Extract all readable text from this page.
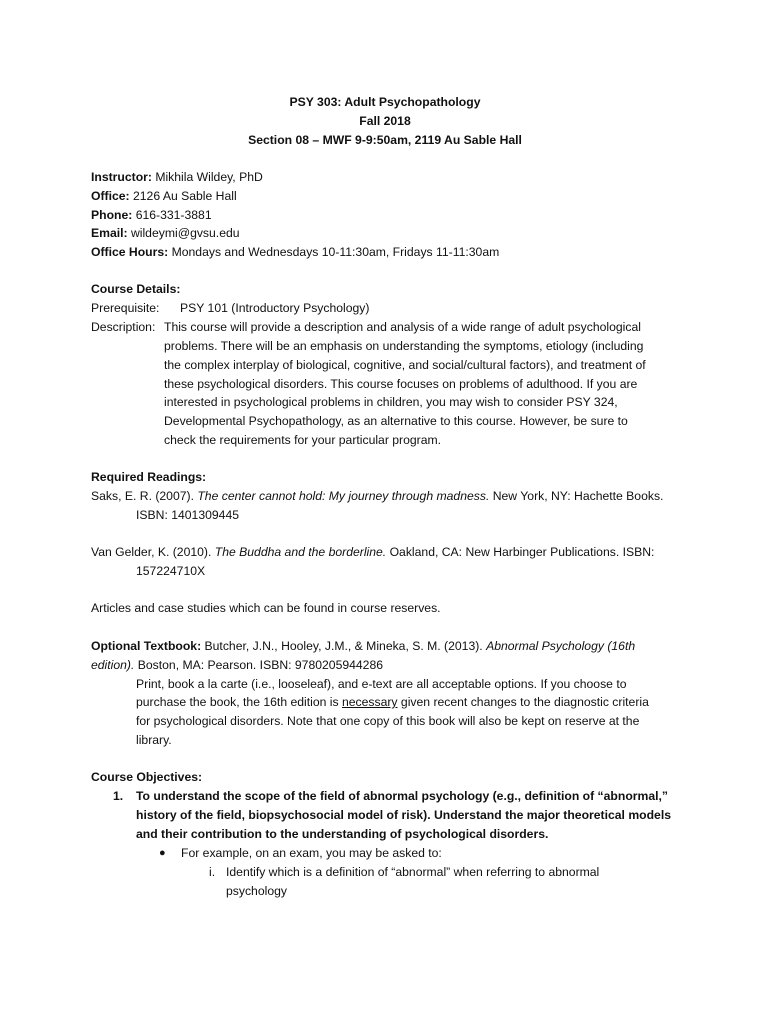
PSY 303: Adult Psychopathology
Fall 2018
Section 08 – MWF 9-9:50am, 2119 Au Sable Hall
Instructor: Mikhila Wildey, PhD
Office: 2126 Au Sable Hall
Phone: 616-331-3881
Email: wildeymi@gvsu.edu
Office Hours: Mondays and Wednesdays 10-11:30am, Fridays 11-11:30am
Course Details:
Prerequisite: PSY 101 (Introductory Psychology)
Description: This course will provide a description and analysis of a wide range of adult psychological
problems. There will be an emphasis on understanding the symptoms, etiology (including
the complex interplay of biological, cognitive, and social/cultural factors), and treatment of
these psychological disorders. This course focuses on problems of adulthood. If you are
interested in psychological problems in children, you may wish to consider PSY 324,
Developmental Psychopathology, as an alternative to this course. However, be sure to
check the requirements for your particular program.
Required Readings:
Saks, E. R. (2007). The center cannot hold: My journey through madness. New York, NY: Hachette Books.
ISBN: 1401309445
Van Gelder, K. (2010). The Buddha and the borderline. Oakland, CA: New Harbinger Publications. ISBN:
157224710X
Articles and case studies which can be found in course reserves.
Optional Textbook: Butcher, J.N., Hooley, J.M., & Mineka, S. M. (2013). Abnormal Psychology (16th
edition). Boston, MA: Pearson. ISBN: 9780205944286
Print, book a la carte (i.e., looseleaf), and e-text are all acceptable options. If you choose to
purchase the book, the 16th edition is necessary given recent changes to the diagnostic criteria
for psychological disorders. Note that one copy of this book will also be kept on reserve at the
library.
Course Objectives:
1. To understand the scope of the field of abnormal psychology (e.g., definition of “abnormal,”
history of the field, biopsychosocial model of risk). Understand the major theoretical models
and their contribution to the understanding of psychological disorders.
● For example, on an exam, you may be asked to:
i. Identify which is a definition of “abnormal” when referring to abnormal
psychology
